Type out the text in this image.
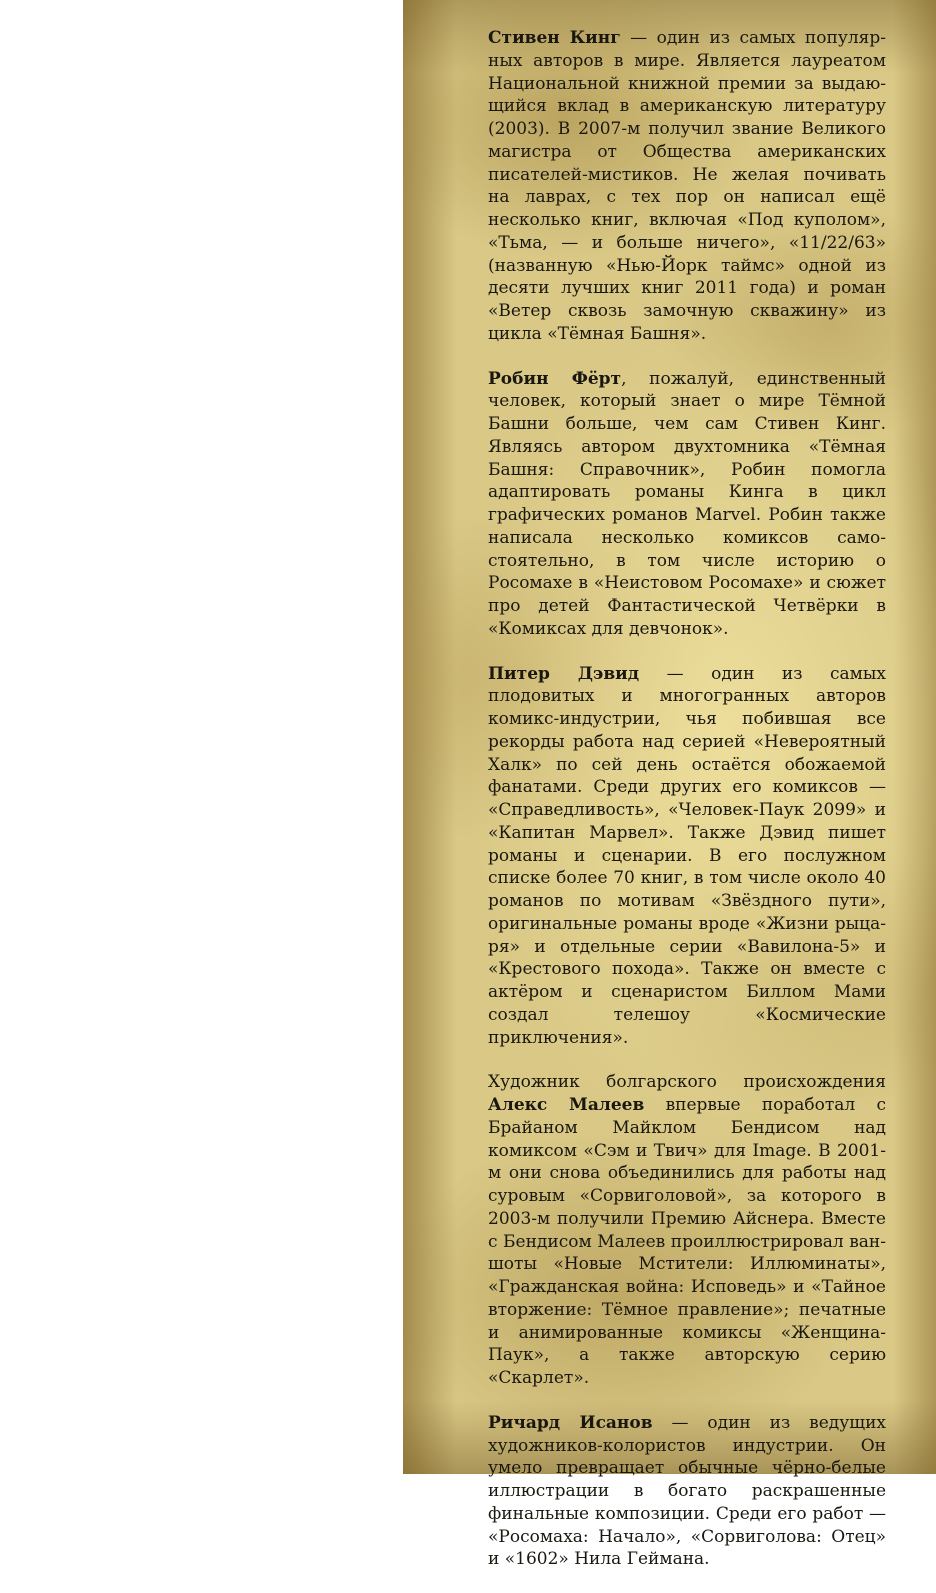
Стивен Кинг — один из самых популярных авторов в мире. Является лауреатом Национальной книжной премии за выдающийся вклад в американскую литературу (2003). В 2007-м получил звание Великого магистра от Общества американских писателей-мистиков. Не желая почивать на лаврах, с тех пор он написал ещё несколько книг, включая «Под куполом», «Тьма, — и больше ничего», «11/22/63» (названную «Нью-Йорк таймс» одной из десяти лучших книг 2011 года) и роман «Ветер сквозь замочную скважину» из цикла «Тёмная Башня».

Робин Фёрт, пожалуй, единственный человек, который знает о мире Тёмной Башни больше, чем сам Стивен Кинг. Являясь автором двухтомника «Тёмная Башня: Справочник», Робин помогла адаптировать романы Кинга в цикл графических романов Marvel. Робин также написала несколько комиксов самостоятельно, в том числе историю о Росомахе в «Неистовом Росомахе» и сюжет про детей Фантастической Четвёрки в «Комиксах для девчонок».

Питер Дэвид — один из самых плодовитых и многогранных авторов комикс-индустрии, чья побившая все рекорды работа над серией «Невероятный Халк» по сей день остаётся обожаемой фанатами. Среди других его комиксов — «Справедливость», «Человек-Паук 2099» и «Капитан Марвел». Также Дэвид пишет романы и сценарии. В его послужном списке более 70 книг, в том числе около 40 романов по мотивам «Звёздного пути», оригинальные романы вроде «Жизни рыцаря» и отдельные серии «Вавилона-5» и «Крестового похода». Также он вместе с актёром и сценаристом Биллом Мами создал телешоу «Космические приключения».

Художник болгарского происхождения Алекс Малеев впервые поработал с Брайаном Майклом Бендисом над комиксом «Сэм и Твич» для Image. В 2001-м они снова объединились для работы над суровым «Сорвиголовой», за которого в 2003-м получили Премию Айснера. Вместе с Бендисом Малеев проиллюстрировал ван-шоты «Новые Мстители: Иллюминаты», «Гражданская война: Исповедь» и «Тайное вторжение: Тёмное правление»; печатные и анимированные комиксы «Женщина-Паук», а также авторскую серию «Скарлет».

Ричард Исанов — один из ведущих художников-колористов индустрии. Он умело превращает обычные чёрно-белые иллюстрации в богато раскрашенные финальные композиции. Среди его работ — «Росомаха: Начало», «Сорвиголова: Отец» и «1602» Нила Геймана.
